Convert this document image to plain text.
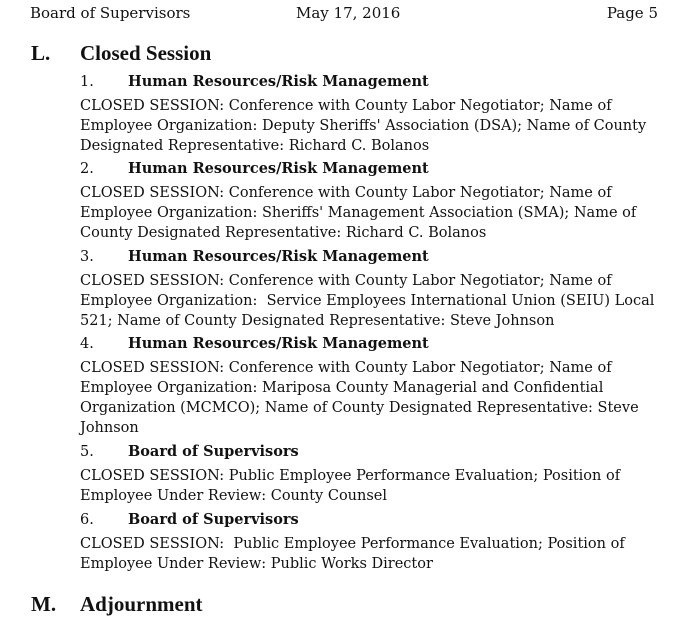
Board of Supervisors	May 17, 2016	Page 5
L. Closed Session
1. Human Resources/Risk Management
CLOSED SESSION: Conference with County Labor Negotiator; Name of
Employee Organization: Deputy Sheriffs' Association (DSA); Name of County
Designated Representative: Richard C. Bolanos
2. Human Resources/Risk Management
CLOSED SESSION: Conference with County Labor Negotiator; Name of
Employee Organization: Sheriffs' Management Association (SMA); Name of
County Designated Representative: Richard C. Bolanos
3. Human Resources/Risk Management
CLOSED SESSION: Conference with County Labor Negotiator; Name of
Employee Organization:  Service Employees International Union (SEIU) Local
521; Name of County Designated Representative: Steve Johnson
4. Human Resources/Risk Management
CLOSED SESSION: Conference with County Labor Negotiator; Name of
Employee Organization: Mariposa County Managerial and Confidential
Organization (MCMCO); Name of County Designated Representative: Steve
Johnson
5. Board of Supervisors
CLOSED SESSION: Public Employee Performance Evaluation; Position of
Employee Under Review: County Counsel
6. Board of Supervisors
CLOSED SESSION:  Public Employee Performance Evaluation; Position of
Employee Under Review: Public Works Director
M. Adjournment
